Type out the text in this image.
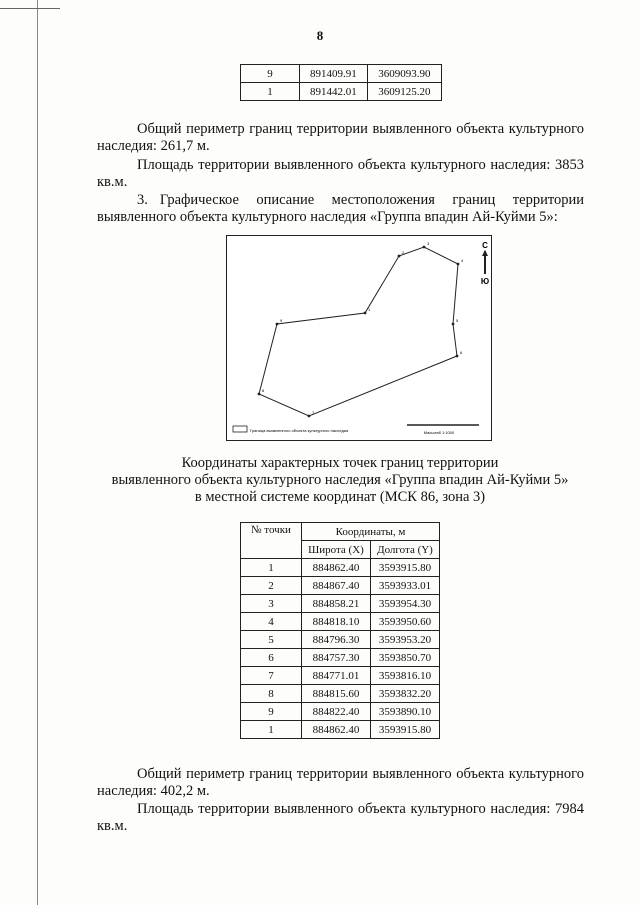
8
9	891409.91	3609093.90
1	891442.01	3609125.20
Общий периметр границ территории выявленного объекта культурного наследия: 261,7 м.
Площадь территории выявленного объекта культурного наследия: 3853 кв.м.
3. Графическое описание местоположения границ территории выявленного объекта культурного наследия «Группа впадин Ай-Куйми 5»:
1
2
3
4
5
6
7
8
9
С
Ю
Граница выявленного объекта культурного наследия	Масштаб 1:1000
Координаты характерных точек границ территории
выявленного объекта культурного наследия «Группа впадин Ай-Куйми 5»
в местной системе координат (МСК 86, зона 3)
№ точки	Координаты, м	
	Широта (X)	Долгота (Y)
1	884862.40	3593915.80
2	884867.40	3593933.01
3	884858.21	3593954.30
4	884818.10	3593950.60
5	884796.30	3593953.20
6	884757.30	3593850.70
7	884771.01	3593816.10
8	884815.60	3593832.20
9	884822.40	3593890.10
1	884862.40	3593915.80
Общий периметр границ территории выявленного объекта культурного наследия: 402,2 м.
Площадь территории выявленного объекта культурного наследия: 7984 кв.м.
